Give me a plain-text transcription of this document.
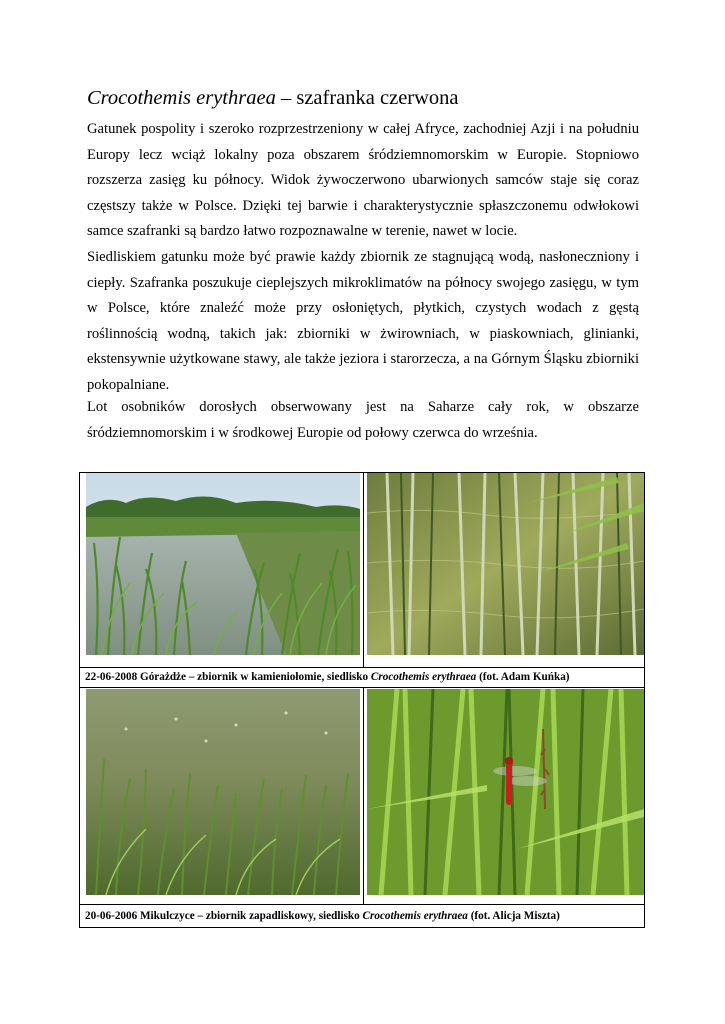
Crocothemis erythraea – szafranka czerwona
Gatunek pospolity i szeroko rozprzestrzeniony w całej Afryce, zachodniej Azji i na południu Europy lecz wciąż lokalny poza obszarem śródziemnomorskim w Europie. Stopniowo rozszerza zasięg ku północy. Widok żywoczerwono ubarwionych samców staje się coraz częstszy także w Polsce. Dzięki tej barwie i charakterystycznie spłaszczonemu odwłokowi samce szafranki są bardzo łatwo rozpoznawalne w terenie, nawet w locie.
Siedliskiem gatunku może być prawie każdy zbiornik ze stagnującą wodą, nasłoneczniony i ciepły. Szafranka poszukuje cieplejszych mikroklimatów na północy swojego zasięgu, w tym w Polsce, które znaleźć może przy osłoniętych, płytkich, czystych wodach z gęstą roślinnością wodną, takich jak: zbiorniki w żwirowniach, w piaskowniach, glinianki, ekstensywnie użytkowane stawy, ale także jeziora i starorzecza, a na Górnym Śląsku zbiorniki pokopalniane.
Lot osobników dorosłych obserwowany jest na Saharze cały rok, w obszarze śródziemnomorskim i w środkowej Europie od połowy czerwca do września.
22-06-2008 Górażdże – zbiornik w kamieniołomie, siedlisko Crocothemis erythraea (fot. Adam Kuńka)
20-06-2006 Mikulczyce – zbiornik zapadliskowy, siedlisko Crocothemis erythraea (fot. Alicja Miszta)
